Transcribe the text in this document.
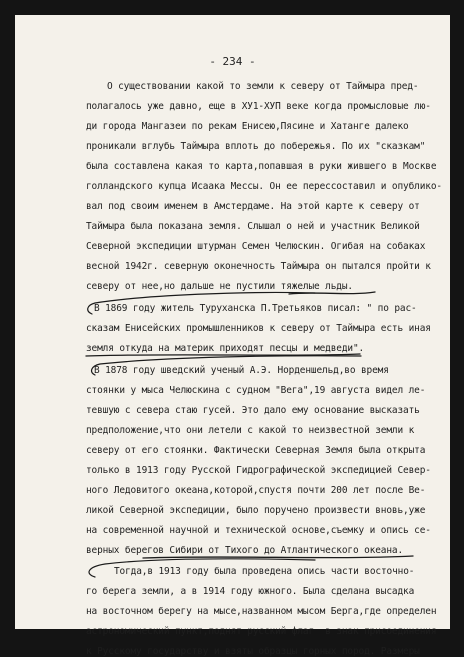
- 234 -
О существовании какой то земли к северу от Таймыра пред-
полагалось уже давно, еще в ХУ1-ХУП веке когда промысловые лю-
ди города Мангазеи по рекам Енисею,Пясине и Хатанге далеко
проникали вглубь Таймыра вплоть до побережья. По их "сказкам"
была составлена какая то карта,попавшая в руки жившего в Москве
голландского купца Исаака Мессы. Он ее перессоставил и опублико-
вал под своим именем в Амстердаме. На этой карте к северу от
Таймыра была показана земля. Слышал о ней и участник Великой
Северной экспедиции штурман Семен Челюскин. Огибая на собаках
весной 1942г. северную оконечность Таймыра он пытался пройти к
северу от нее,но дальше не пустили тяжелые льды.
В 1869 году житель Туруханска П.Третьяков писал: " по рас-
сказам Енисейских промышленников к северу от Таймыра есть иная
земля откуда на материк приходят песцы и медведи".
В 1878 году шведский ученый А.Э. Норденшельд,во время
стоянки у мыса Челюскина с судном "Вега",19 августа видел ле-
тевшую с севера стаю гусей. Это дало ему основание высказать
предположение,что они летели с какой то неизвестной земли к
северу от его стоянки. Фактически Северная Земля была открыта
только в 1913 году Русской Гидрографической экспедицией Север-
ного Ледовитого океана,которой,спустя почти 200 лет после Ве-
ликой Северной экспедиции, было поручено произвести вновь,уже
на современной научной и технической основе,съемку и опись се-
верных берегов Сибири от Тихого до Атлантического океана.
Тогда,в 1913 году была проведена опись части восточно-
го берега земли, а в 1914 году южного. Была сделана высадка
на восточном берегу на мысе,названном мысом Берга,где определен
астрономический пункт,поднят русский флаг  в знак присоединения
к Русскому государству и взяты образцы горных пород. Размеры
